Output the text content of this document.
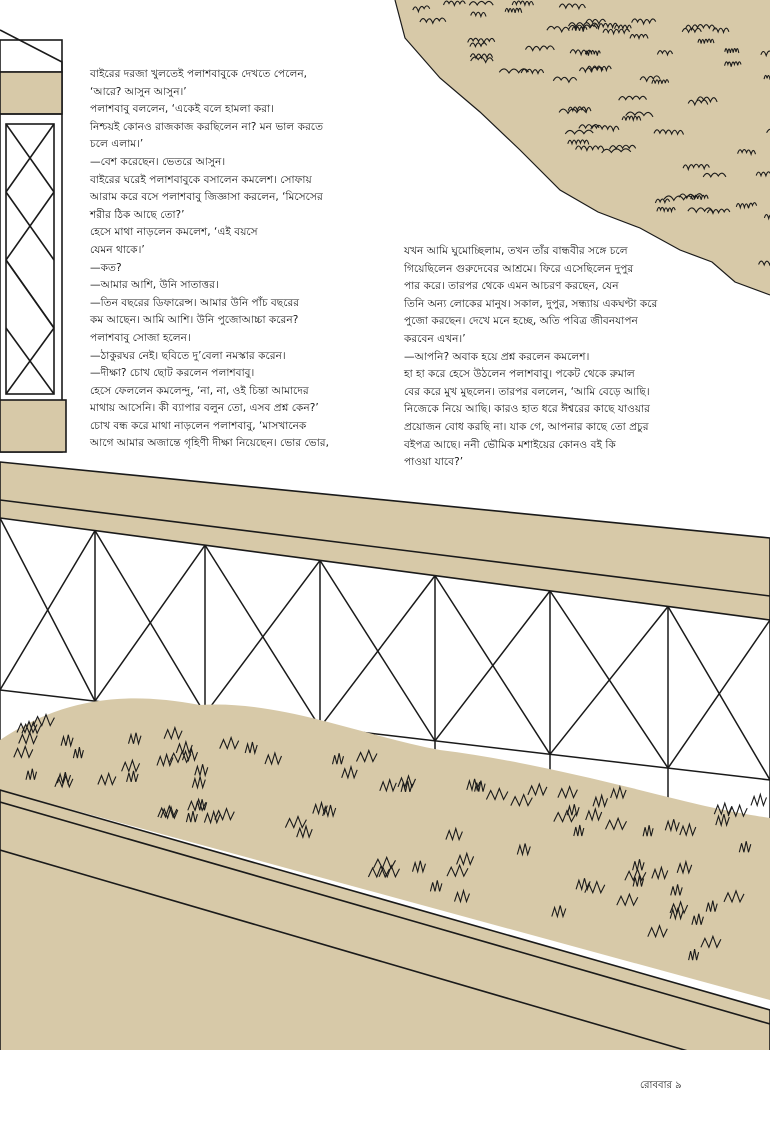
বাইরের দরজা খুলতেই পলাশবাবুকে দেখতে পেলেন,

‘আরে? আসুন আসুন।’

পলাশবাবু বললেন, ‘একেই বলে হামলা করা।

নিশ্চয়ই কোনও রাজকাজ করছিলেন না? মন ভাল করতে

চলে এলাম।’

—বেশ করেছেন। ভেতরে আসুন।

বাইরের ঘরেই পলাশবাবুকে বসালেন কমলেশ। সোফায়

আরাম করে বসে পলাশবাবু জিজ্ঞাসা করলেন, ‘মিসেসের

শরীর ঠিক আছে তো?’

হেসে মাথা নাড়লেন কমলেশ, ‘এই বয়সে

যেমন থাকে।’

—কত?

—আমার আশি, উনি সাতাত্তর।

—তিন বছরের ডিফারেন্স। আমার উনি পাঁচ বছরের

কম আছেন। আমি আশি। উনি পুজোআচ্চা করেন?

পলাশবাবু সোজা হলেন।

—ঠাকুরঘর নেই। ছবিতে দু’বেলা নমস্কার করেন।

—দীক্ষা? চোখ ছোট করলেন পলাশবাবু।

হেসে ফেললেন কমলেন্দু, ‘না, না, ওই চিন্তা আমাদের

মাথায় আসেনি। কী ব্যাপার বলুন তো, এসব প্রশ্ন কেন?’

চোখ বন্ধ করে মাথা নাড়লেন পলাশবাবু, ‘মাসখানেক

আগে আমার অজান্তে গৃহিণী দীক্ষা নিয়েছেন। ভোর ভোর,

যখন আমি ঘুমোচ্ছিলাম, তখন তাঁর বান্ধবীর সঙ্গে চলে

গিয়েছিলেন গুরুদেবের আশ্রমে। ফিরে এসেছিলেন দুপুর

পার করে। তারপর থেকে এমন আচরণ করছেন, যেন

তিনি অন্য লোকের মানুষ। সকাল, দুপুর, সন্ধ্যায় একঘণ্টা করে

পুজো করছেন। দেখে মনে হচ্ছে, অতি পবিত্র জীবনযাপন

করবেন এখন।’

—আপনি? অবাক হয়ে প্রশ্ন করলেন কমলেশ।

হা হা করে হেসে উঠলেন পলাশবাবু। পকেট থেকে রুমাল

বের করে মুখ মুছলেন। তারপর বললেন, ‘আমি বেড়ে আছি।

নিজেকে নিয়ে আছি। কারও হাত ধরে ঈশ্বরের কাছে যাওয়ার

প্রয়োজন বোধ করছি না। যাক গে, আপনার কাছে তো প্রচুর

বইপত্র আছে। ননী ভৌমিক মশাইয়ের কোনও বই কি

পাওয়া যাবে?’

রোববার ৯
